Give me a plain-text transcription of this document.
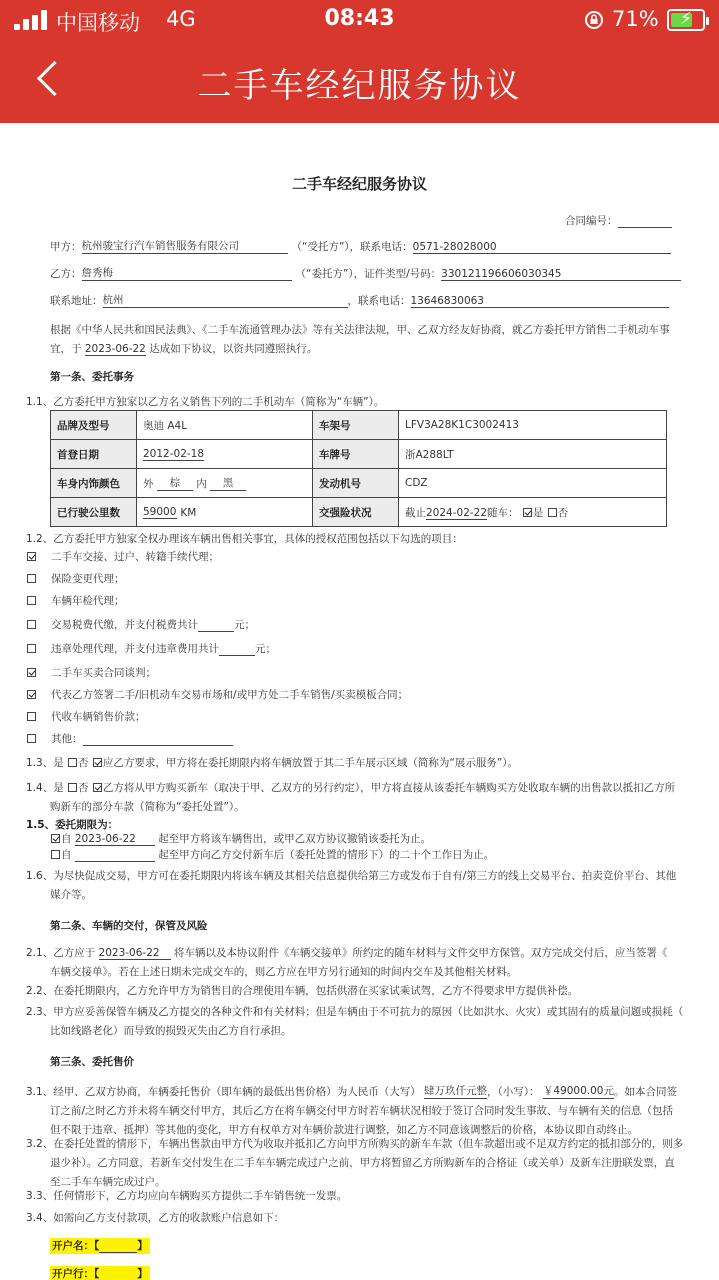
中国移动 4G	08:43	71% ⚡
二手车经纪服务协议
二手车经纪服务协议
合同编号：
甲方：杭州骏宝行汽车销售服务有限公司	（“受托方”），联系电话：0571-28028000
乙方：詹秀梅	（“委托方”），证件类型/号码：330121196606030345
联系地址：杭州	，联系电话：13646830063
根据《中华人民共和国民法典》、《二手车流通管理办法》等有关法律法规，甲、乙双方经友好协商，就乙方委托甲方销售二手机动车事
宜，于 2023-06-22 达成如下协议，以资共同遵照执行。
第一条、委托事务
1.1、乙方委托甲方独家以乙方名义销售下列的二手机动车（简称为“车辆”）。
品牌及型号	奥迪 A4L	车架号	LFV3A28K1C3002413
首登日期	2012-02-18	车牌号	浙A288LT
车身内饰颜色	外 棕 内 黑	发动机号	CDZ
已行驶公里数	59000 KM	交强险状况	截止2024-02-22随车： 是 否
1.2、乙方委托甲方独家全权办理该车辆出售相关事宜，具体的授权范围包括以下勾选的项目：
二手车交接、过户、转籍手续代理；
保险变更代理；
车辆年检代理；
交易税费代缴，并支付税费共计	元；
违章处理代理，并支付违章费用共计	元；
二手车买卖合同谈判；
代表乙方签署二手/旧机动车交易市场和/或甲方处二手车销售/买卖模板合同；
代收车辆销售价款；
其他：
1.3、是 否 应乙方要求，甲方将在委托期限内将车辆放置于其二手车展示区域（简称为“展示服务”）。
1.4、是 否 乙方将从甲方购买新车（取决于甲、乙双方的另行约定），甲方将直接从该委托车辆购买方处收取车辆的出售款以抵扣乙方所
购新车的部分车款（简称为“委托处置”）。
1.5、委托期限为：
自 2023-06-22 起至甲方将该车辆售出，或甲乙双方协议撤销该委托为止。
自	起至甲方向乙方交付新车后（委托处置的情形下）的二十个工作日为止。
1.6、为尽快促成交易，甲方可在委托期限内将该车辆及其相关信息提供给第三方或发布于自有/第三方的线上交易平台、拍卖竞价平台、其他
媒介等。
第二条、车辆的交付，保管及风险
2.1、乙方应于 2023-06-22 将车辆以及本协议附件《车辆交接单》所约定的随车材料与文件交甲方保管。双方完成交付后，应当签署《
车辆交接单》。若在上述日期未完成交车的，则乙方应在甲方另行通知的时间内交车及其他相关材料。
2.2、在委托期限内，乙方允许甲方为销售目的合理使用车辆，包括供潜在买家试乘试驾，乙方不得要求甲方提供补偿。
2.3、甲方应妥善保管车辆及乙方提交的各种文件和有关材料；但是车辆由于不可抗力的原因（比如洪水、火灾）或其固有的质量问题或损耗（
比如线路老化）而导致的损毁灭失由乙方自行承担。
第三条、委托售价
3.1、经甲、乙双方协商，车辆委托售价（即车辆的最低出售价格）为人民币（大写） 肆万玖仟元整，（小写）： ￥49000.00元。如本合同签
订之前/之时乙方并未将车辆交付甲方，其后乙方在将车辆交付甲方时若车辆状况相较于签订合同时发生事故、与车辆有关的信息（包括
但不限于违章、抵押）等其他的变化，甲方有权单方对车辆价款进行调整，如乙方不同意该调整后的价格，本协议即自动终止。
3.2、在委托处置的情形下，车辆出售款由甲方代为收取并抵扣乙方向甲方所购买的新车车款（但车款超出或不足双方约定的抵扣部分的，则多
退少补）。乙方同意，若新车交付发生在二手车车辆完成过户之前，甲方将暂留乙方所购新车的合格证（或关单）及新车注册联发票，直
至二手车车辆完成过户。
3.3、任何情形下，乙方均应向车辆购买方提供二手车销售统一发票。
3.4、如需向乙方支付款项，乙方的收款账户信息如下：
开户名：【	】
开户行：【	】
